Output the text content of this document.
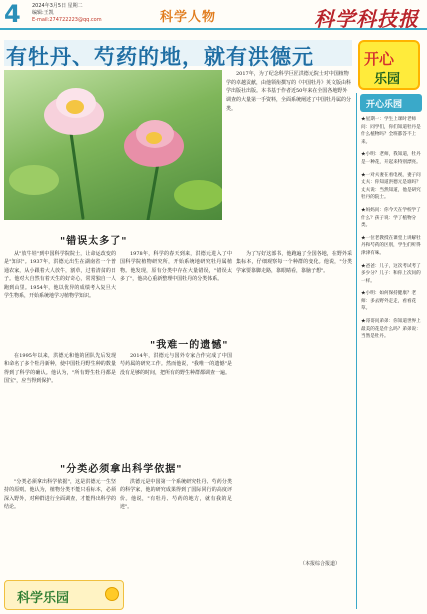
4 2024年3月5日 星期二
编辑:王凯
E-mail:274722223@qq.com	科学人物	科学科技报
有牡丹、芍药的地，就有洪德元	开心
乐园
2017年，为了纪念科学巨匠洪德元院士对中国植物学的卓越贡献，由他领衔撰写的《中国牡丹》英文版由科学出版社出版。本书基于作者近50年来在全国各地野外调查的大量第一手资料，全面系统阐述了中国牡丹属的分类。
"错误太多了"
从"放牛娃"到中国科学院院士，让命运改变的是"知识"。1937年，洪德元出生在湖南省一个普通农家，从小跟着大人放牛，割草，过着清贫的日子。他对大自然有着天生的好奇心，常常独自一人跑到山里。1954年，他以优异的成绩考入复旦大学生物系，开始系统地学习植物学知识。
1978年，科学的春天到来，洪德元进入了中国科学院植物研究所，开始系统地研究牡丹属植物。他发现，原有分类中存在大量错误，"错误太多了"，他决心重新整理中国牡丹的分类体系。
为了写好这部书，他跑遍了全国各地，在野外采集标本，仔细观察每一个种群的变化。他说，"分类学家要靠脚走路，靠眼睛看，靠脑子想"。
"我难一的遗憾"
在1995年以来，洪德元和他的团队先后发现和命名了多个牡丹新种，使中国牡丹野生种的数量得到了科学的确认。他认为，"所有野生牡丹都是国宝"，应当得到保护。
2014年，洪德元与国外专家合作完成了中国芍药属的研究工作。然而他说，"我唯一的遗憾"是没有足够的时间，把所有的野生种群都调查一遍。
"分类必须拿出科学依据"
"分类必须拿出科学依据"，这是洪德元一生坚持的原则。他认为，植物分类不能只看标本，必须深入野外，对种群进行全面调查，才能得出科学的结论。
洪德元是中国第一个系统研究牡丹、芍药分类的科学家，他的研究成果得到了国际同行的高度评价。他说，"有牡丹、芍药的地方，就有我的足迹"。
（本报综合报道）
开心乐园

★星期一：学生上课时老师问：同学们，你们知道牡丹是什么植物吗？全班都答不上来。

★小明：老师，我知道，牡丹是一种花，开起来特别漂亮。

★一对夫妻在看电视，妻子问丈夫：你知道洪德元是谁吗？丈夫说：当然知道，他是研究牡丹的院士。

★妈妈问：你今天在学校学了什么？孩子说：学了植物分类。

★一位老教授在课堂上讲解牡丹和芍药的区别，学生们听得津津有味。

★爸爸：儿子，这次考试考了多少分？儿子：和你上次问的一样。

★小明：如何保持健康？老师：多去野外走走，看看花草。

★哥哥问弟弟：你知道世界上最美的花是什么吗？弟弟说：当然是牡丹。

科学乐园
